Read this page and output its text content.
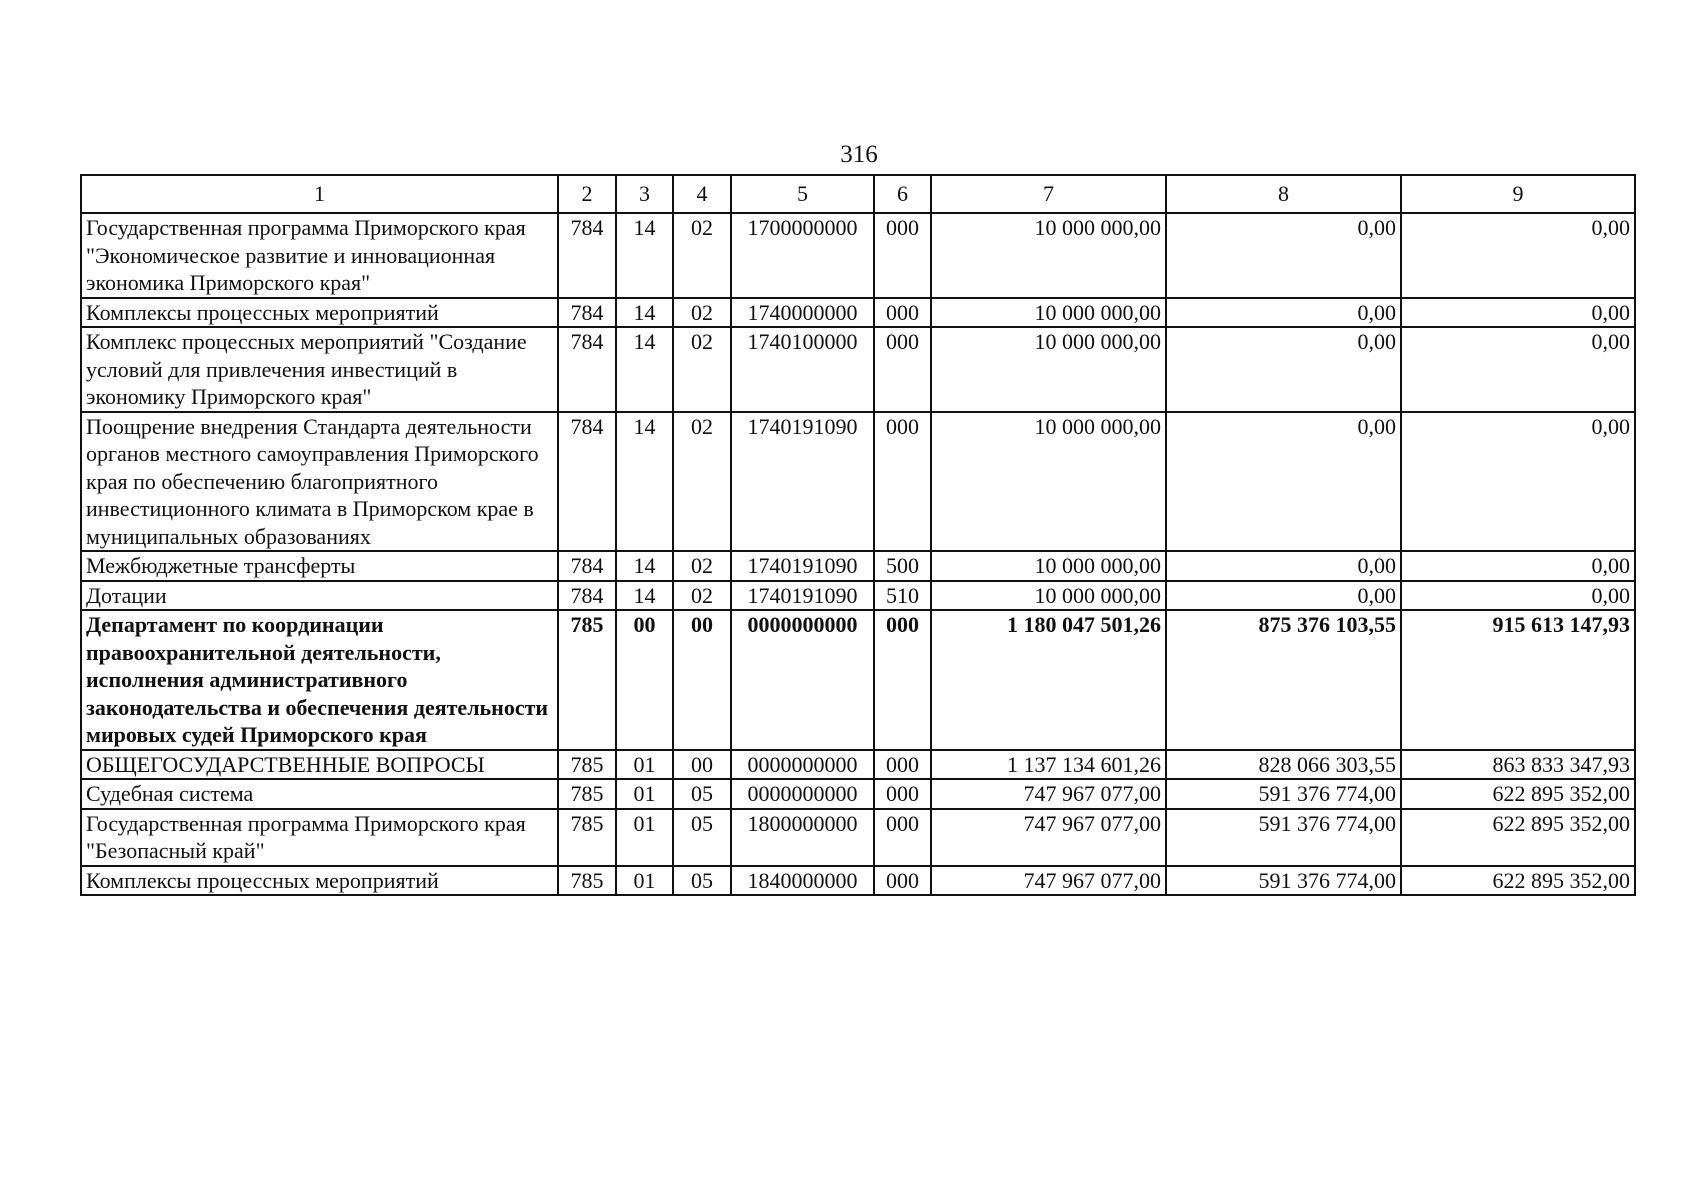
316
1	2	3	4	5	6	7	8	9
Государственная программа Приморского края "Экономическое развитие и инновационная экономика Приморского края"	784	14	02	1700000000	000	10 000 000,00	0,00	0,00
Комплексы процессных мероприятий	784	14	02	1740000000	000	10 000 000,00	0,00	0,00
Комплекс процессных мероприятий "Создание условий для привлечения инвестиций в экономику Приморского края"	784	14	02	1740100000	000	10 000 000,00	0,00	0,00
Поощрение внедрения Стандарта деятельности органов местного самоуправления Приморского края по обеспечению благоприятного инвестиционного климата в Приморском крае в муниципальных образованиях	784	14	02	1740191090	000	10 000 000,00	0,00	0,00
Межбюджетные трансферты	784	14	02	1740191090	500	10 000 000,00	0,00	0,00
Дотации	784	14	02	1740191090	510	10 000 000,00	0,00	0,00
Департамент по координации правоохранительной деятельности, исполнения административного законодательства и обеспечения деятельности мировых судей Приморского края	785	00	00	0000000000	000	1 180 047 501,26	875 376 103,55	915 613 147,93
ОБЩЕГОСУДАРСТВЕННЫЕ ВОПРОСЫ	785	01	00	0000000000	000	1 137 134 601,26	828 066 303,55	863 833 347,93
Судебная система	785	01	05	0000000000	000	747 967 077,00	591 376 774,00	622 895 352,00
Государственная программа Приморского края "Безопасный край"	785	01	05	1800000000	000	747 967 077,00	591 376 774,00	622 895 352,00
Комплексы процессных мероприятий	785	01	05	1840000000	000	747 967 077,00	591 376 774,00	622 895 352,00
